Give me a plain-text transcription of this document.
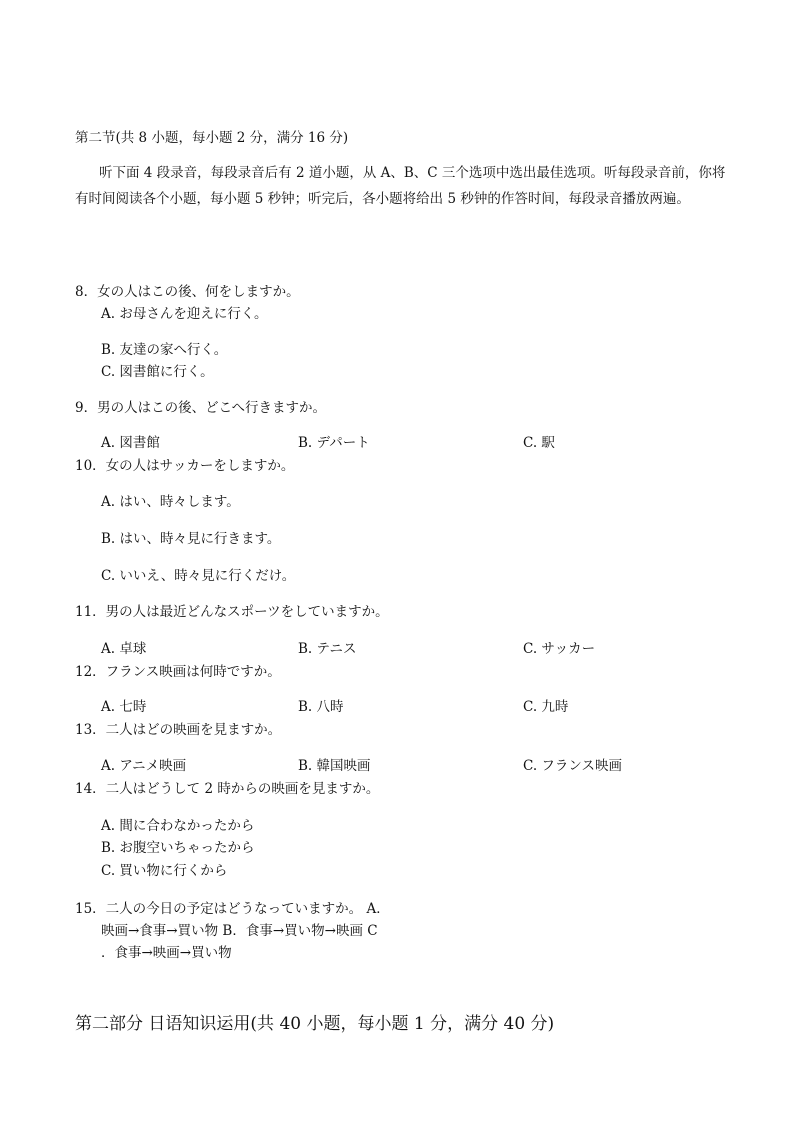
第二节(共 8 小题，每小题 2 分，满分 16 分)
听下面 4 段录音，每段录音后有 2 道小题，从 A、B、C 三个选项中选出最佳选项。听每段录音前，你将有时间阅读各个小题，每小题 5 秒钟；听完后，各小题将给出 5 秒钟的作答时间，每段录音播放两遍。
8．女の人はこの後、何をしますか。
A. お母さんを迎えに行く。
B. 友達の家へ行く。
C. 図書館に行く。
9．男の人はこの後、どこへ行きますか。
A. 図書館	B. デパート	C. 駅
10．女の人はサッカーをしますか。
A. はい、時々します。
B. はい、時々見に行きます。
C. いいえ、時々見に行くだけ。
11．男の人は最近どんなスポーツをしていますか。
A. 卓球	B. テニス	C. サッカー
12．フランス映画は何時ですか。
A. 七時	B. 八時	C. 九時
13．二人はどの映画を見ますか。
A. アニメ映画	B. 韓国映画	C. フランス映画
14．二人はどうして 2 時からの映画を見ますか。
A. 間に合わなかったから
B. お腹空いちゃったから
C. 買い物に行くから
15．二人の今日の予定はどうなっていますか。 A．
映画→食事→買い物 B．食事→買い物→映画 C
．食事→映画→買い物
第二部分 日语知识运用(共 40 小题，每小题 1 分，满分 40 分)
